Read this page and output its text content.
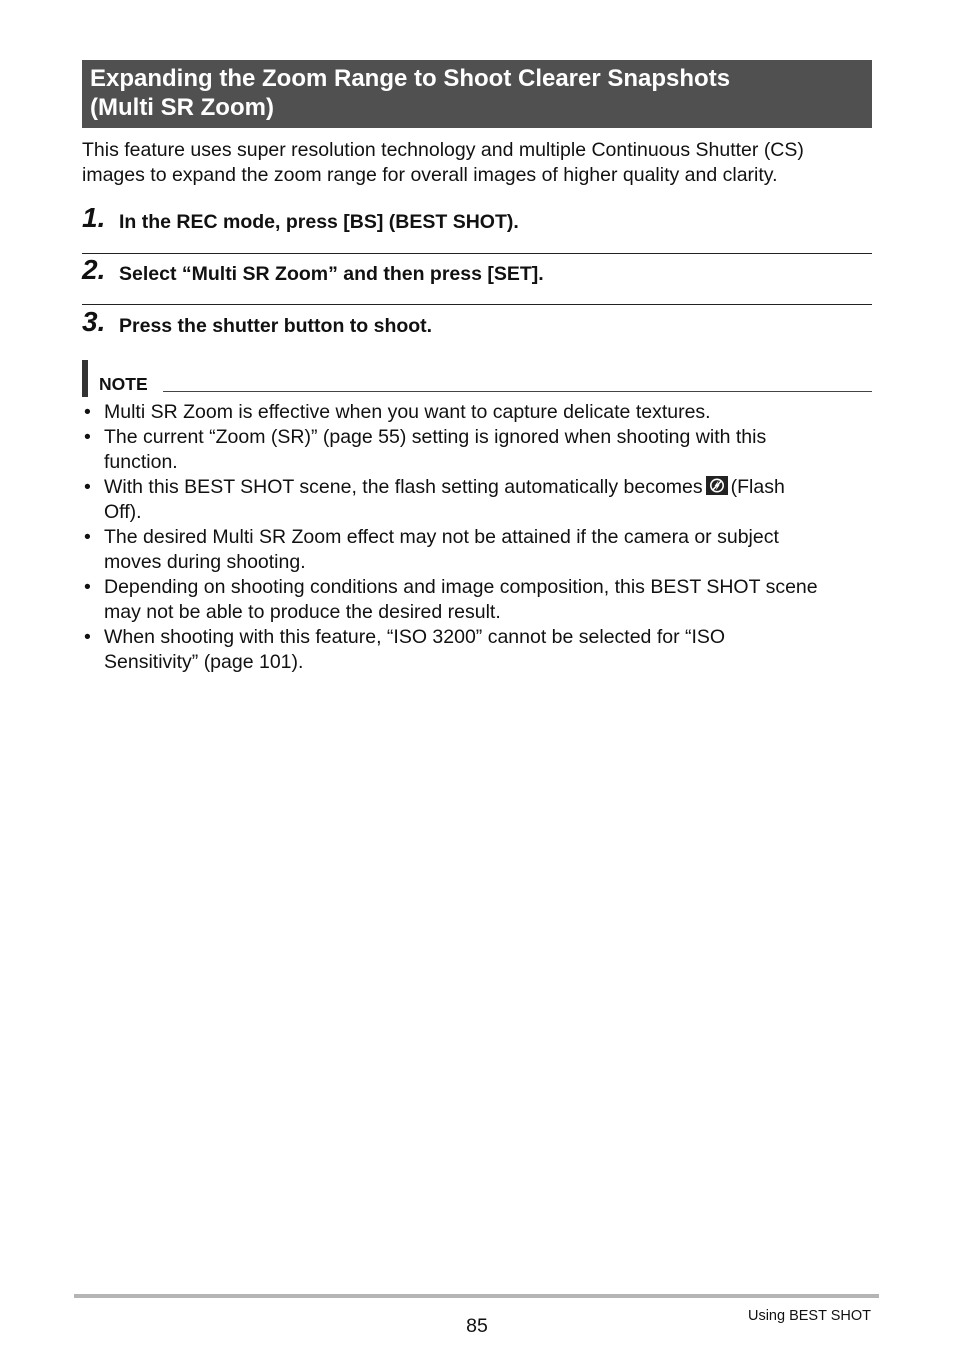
Expanding the Zoom Range to Shoot Clearer Snapshots
(Multi SR Zoom)

This feature uses super resolution technology and multiple Continuous Shutter (CS)
images to expand the zoom range for overall images of higher quality and clarity.

1. In the REC mode, press [BS] (BEST SHOT).
2. Select “Multi SR Zoom” and then press [SET].
3. Press the shutter button to shoot.
NOTE
• Multi SR Zoom is effective when you want to capture delicate textures.
• The current “Zoom (SR)” (page 55) setting is ignored when shooting with this
function.
• With this BEST SHOT scene, the flash setting automatically becomes (Flash
Off).
• The desired Multi SR Zoom effect may not be attained if the camera or subject
moves during shooting.
• Depending on shooting conditions and image composition, this BEST SHOT scene
may not be able to produce the desired result.
• When shooting with this feature, “ISO 3200” cannot be selected for “ISO
Sensitivity” (page 101).
85	Using BEST SHOT
